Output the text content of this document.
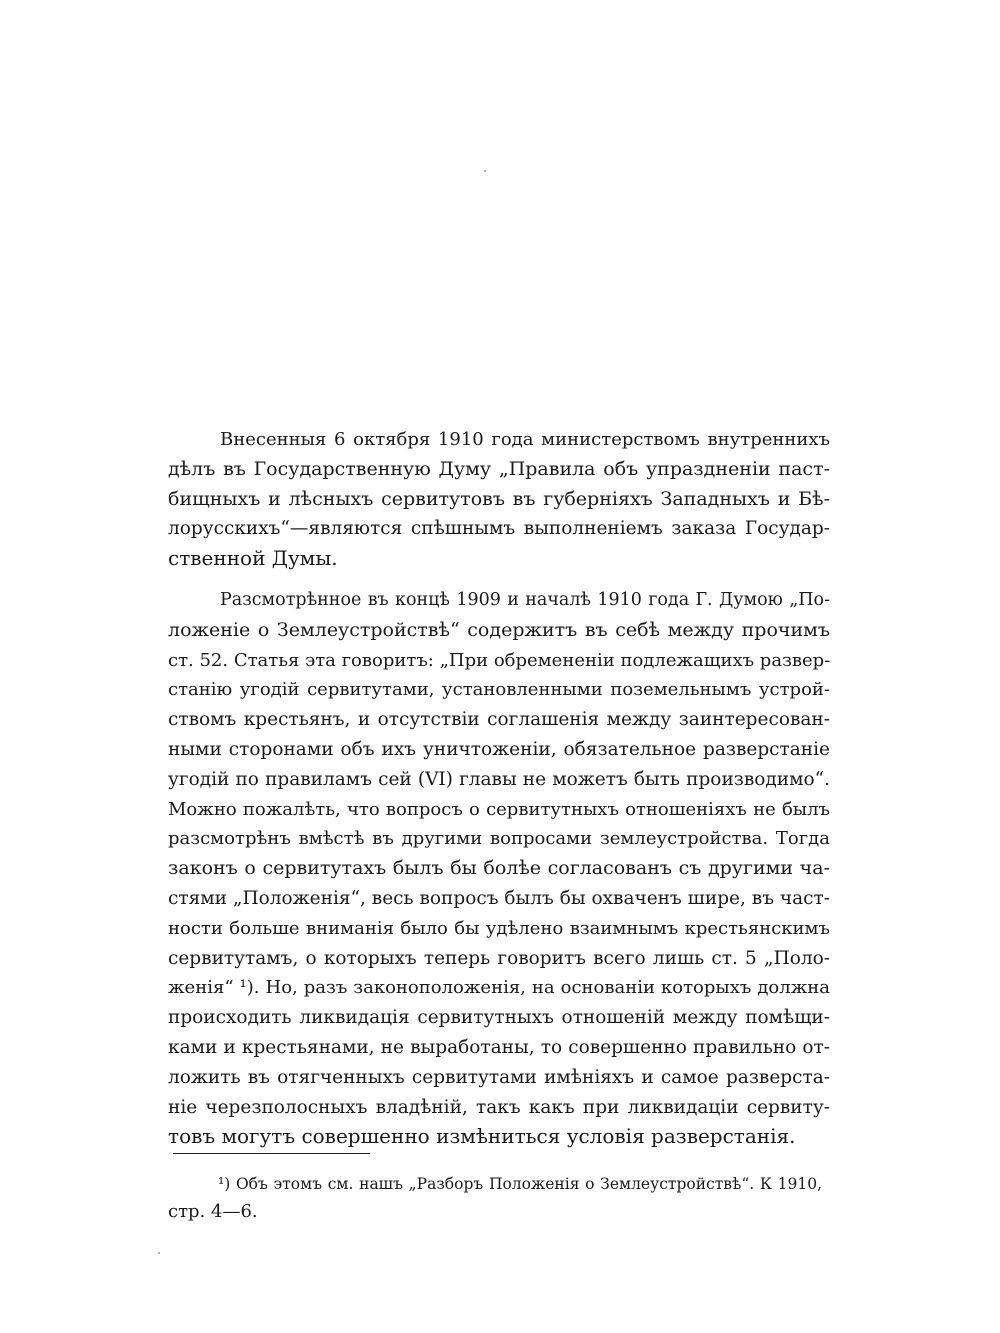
Внесенныя 6 октября 1910 года министерствомъ внутреннихъ
дѣлъ въ Государственную Думу „Правила объ упраздненіи паст-
бищныхъ и лѣсныхъ сервитутовъ въ губерніяхъ Западныхъ и Бѣ-
лорусскихъ“—являются спѣшнымъ выполненіемъ заказа Государ-
ственной Думы.
Разсмотрѣнное въ концѣ 1909 и началѣ 1910 года Г. Думою „По-
ложеніе о Землеустройствѣ“ содержитъ въ себѣ между прочимъ
ст. 52. Статья эта говоритъ: „При обремененіи подлежащихъ развер-
станію угодій сервитутами, установленными поземельнымъ устрой-
ствомъ крестьянъ, и отсутствіи соглашенія между заинтересован-
ными сторонами объ ихъ уничтоженіи, обязательное разверстаніе
угодій по правиламъ сей (VI) главы не можетъ быть производимо“.
Можно пожалѣть, что вопросъ о сервитутныхъ отношеніяхъ не былъ
разсмотрѣнъ вмѣстѣ въ другими вопросами землеустройства. Тогда
законъ о сервитутахъ былъ бы болѣе согласованъ съ другими ча-
стями „Положенія“, весь вопросъ былъ бы охваченъ шире, въ част-
ности больше вниманія было бы удѣлено взаимнымъ крестьянскимъ
сервитутамъ, о которыхъ теперь говоритъ всего лишь ст. 5 „Поло-
женія“ ¹). Но, разъ законоположенія, на основаніи которыхъ должна
происходить ликвидація сервитутныхъ отношеній между помѣщи-
ками и крестьянами, не выработаны, то совершенно правильно от-
ложить въ отягченныхъ сервитутами имѣніяхъ и самое разверста-
ніе черезполосныхъ владѣній, такъ какъ при ликвидаціи сервиту-
товъ могутъ совершенно измѣниться условія разверстанія.
¹) Объ этомъ см. нашъ „Разборъ Положенія о Землеустройствѣ“. К 1910,
стр. 4—6.
